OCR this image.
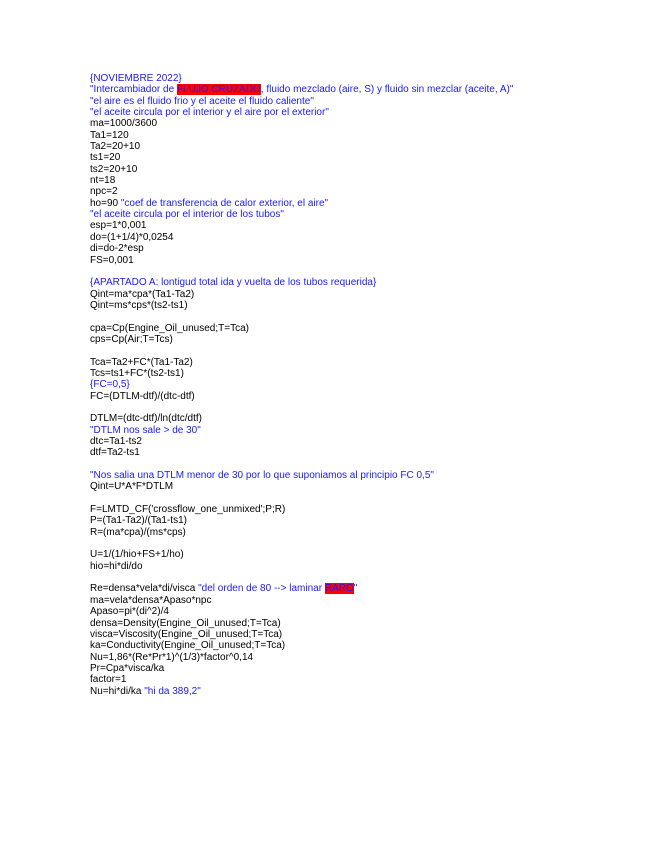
{NOVIEMBRE 2022}
"Intercambiador de FLUJO CRUZADO, fluido mezclado (aire, S) y fluido sin mezclar (aceite, A)"
"el aire es el fluido frio y el aceite el fluido caliente"
"el aceite circula por el interior y el aire por el exterior"
ma=1000/3600
Ta1=120
Ta2=20+10
ts1=20
ts2=20+10
nt=18
npc=2
ho=90 "coef de transferencia de calor exterior, el aire"
"el aceite circula por el interior de los tubos"
esp=1*0,001
do=(1+1/4)*0,0254
di=do-2*esp
FS=0,001
{APARTADO A: lontigud total ida y vuelta de los tubos requerida}
Qint=ma*cpa*(Ta1-Ta2)
Qint=ms*cps*(ts2-ts1)
cpa=Cp(Engine_Oil_unused;T=Tca)
cps=Cp(Air;T=Tcs)
Tca=Ta2+FC*(Ta1-Ta2)
Tcs=ts1+FC*(ts2-ts1)
{FC=0,5}
FC=(DTLM-dtf)/(dtc-dtf)
DTLM=(dtc-dtf)/ln(dtc/dtf)
"DTLM nos sale > de 30"
dtc=Ta1-ts2
dtf=Ta2-ts1
"Nos salia una DTLM menor de 30 por lo que suponiamos al principio FC 0,5"
Qint=U*A*F*DTLM
F=LMTD_CF('crossflow_one_unmixed';P;R)
P=(Ta1-Ta2)/(Ta1-ts1)
R=(ma*cpa)/(ms*cps)
U=1/(1/hio+FS+1/ho)
hio=hi*di/do
Re=densa*vela*di/visca "del orden de 80 --> laminar RARO"
ma=vela*densa*Apaso*npc
Apaso=pi*(di^2)/4
densa=Density(Engine_Oil_unused;T=Tca)
visca=Viscosity(Engine_Oil_unused;T=Tca)
ka=Conductivity(Engine_Oil_unused;T=Tca)
Nu=1,86*(Re*Pr*1)^(1/3)*factor^0,14
Pr=Cpa*visca/ka
factor=1
Nu=hi*di/ka "hi da 389,2"
